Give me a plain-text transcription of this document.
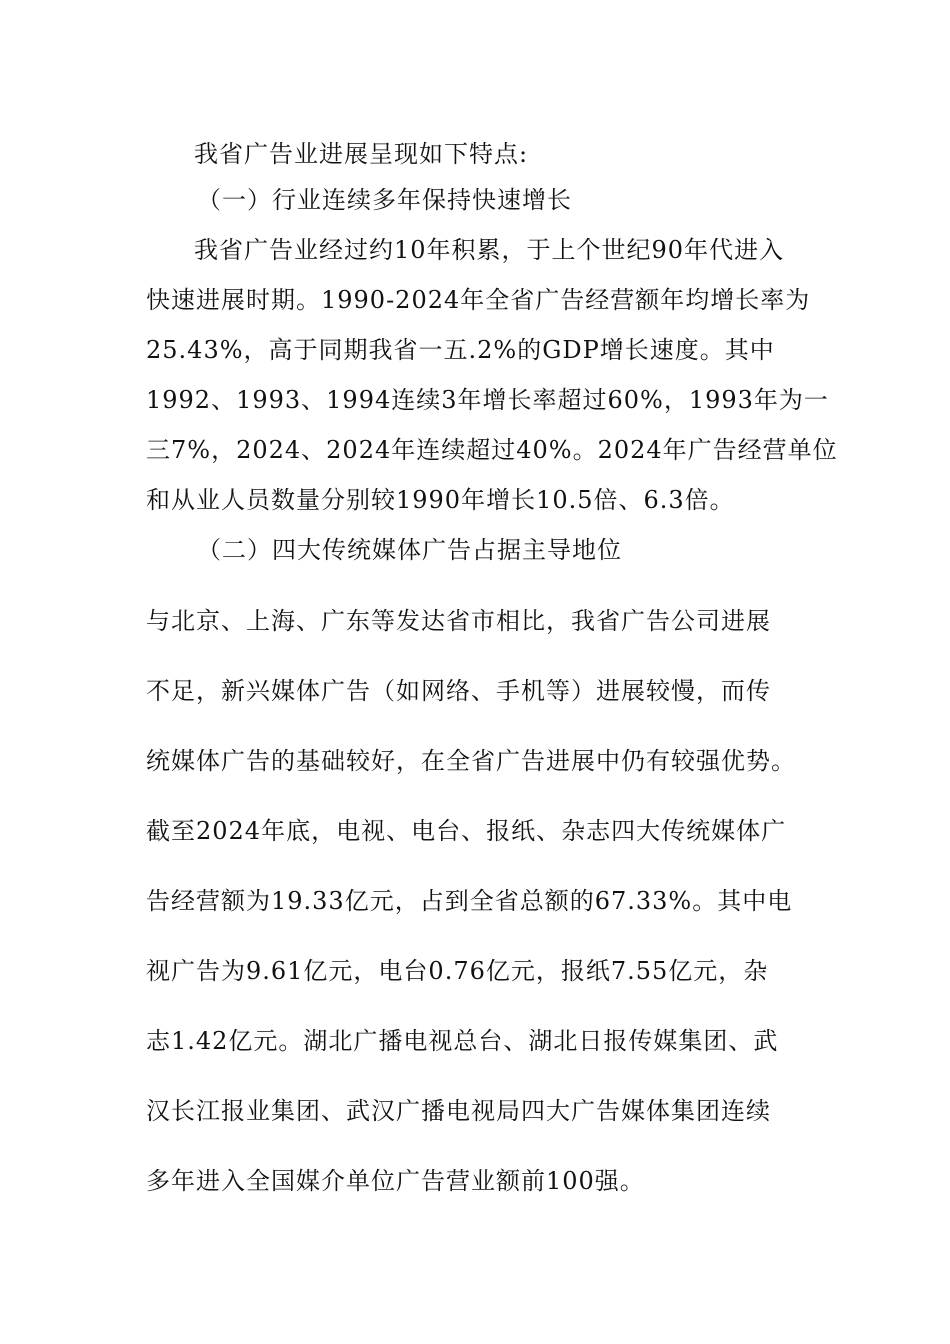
我省广告业进展呈现如下特点:
（一）行业连续多年保持快速增长
我省广告业经过约10年积累，于上个世纪90年代进入
快速进展时期。1990-2024年全省广告经营额年均增长率为
25.43%，高于同期我省一五.2%的GDP增长速度。其中
1992、1993、1994连续3年增长率超过60%，1993年为一
三7%，2024、2024年连续超过40%。2024年广告经营单位
和从业人员数量分别较1990年增长10.5倍、6.3倍。
（二）四大传统媒体广告占据主导地位
与北京、上海、广东等发达省市相比，我省广告公司进展
不足，新兴媒体广告（如网络、手机等）进展较慢，而传
统媒体广告的基础较好，在全省广告进展中仍有较强优势。
截至2024年底，电视、电台、报纸、杂志四大传统媒体广
告经营额为19.33亿元，占到全省总额的67.33%。其中电
视广告为9.61亿元，电台0.76亿元，报纸7.55亿元，杂
志1.42亿元。湖北广播电视总台、湖北日报传媒集团、武
汉长江报业集团、武汉广播电视局四大广告媒体集团连续
多年进入全国媒介单位广告营业额前100强。
